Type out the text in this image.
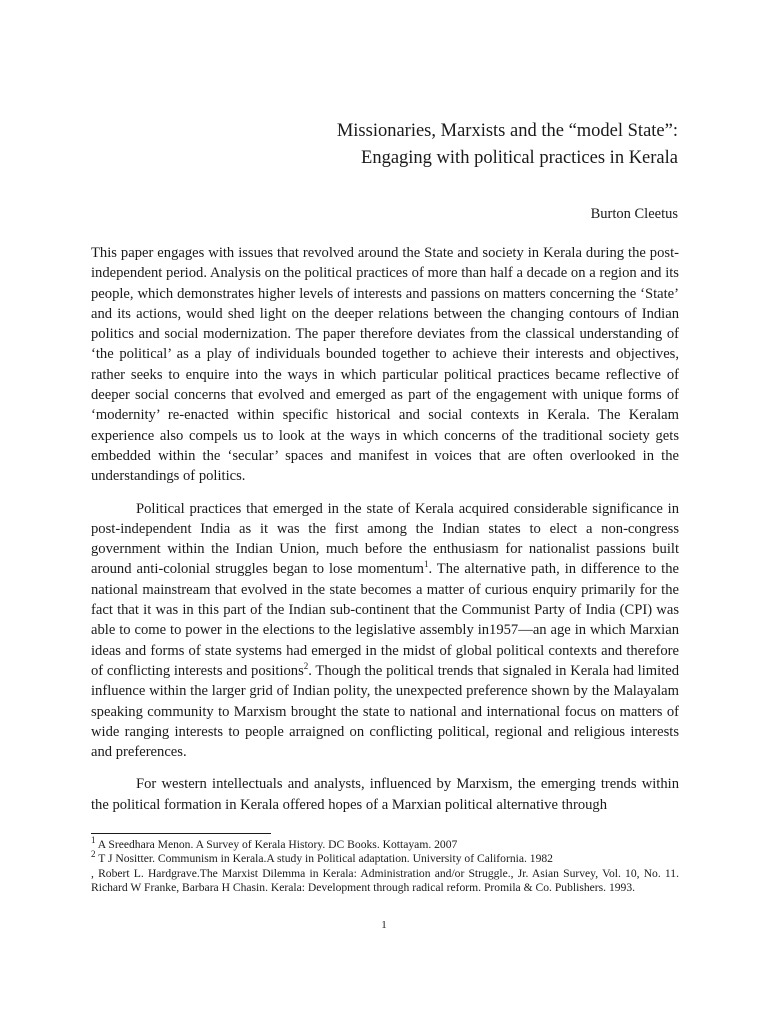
Missionaries, Marxists and the “model State”:
Engaging with political practices in Kerala
Burton Cleetus

This paper engages with issues that revolved around the State and society in Kerala during the post-independent period. Analysis on the political practices of more than half a decade on a region and its people, which demonstrates higher levels of interests and passions on matters concerning the ‘State’ and its actions, would shed light on the deeper relations between the changing contours of Indian politics and social modernization. The paper therefore deviates from the classical understanding of ‘the political’ as a play of individuals bounded together to achieve their interests and objectives, rather seeks to enquire into the ways in which particular political practices became reflective of deeper social concerns that evolved and emerged as part of the engagement with unique forms of ‘modernity’ re-enacted within specific historical and social contexts in Kerala. The Keralam experience also compels us to look at the ways in which concerns of the traditional society gets embedded within the ‘secular’ spaces and manifest in voices that are often overlooked in the understandings of politics.

Political practices that emerged in the state of Kerala acquired considerable significance in post-independent India as it was the first among the Indian states to elect a non-congress government within the Indian Union, much before the enthusiasm for nationalist passions built around anti-colonial struggles began to lose momentum$^1$. The alternative path, in difference to the national mainstream that evolved in the state becomes a matter of curious enquiry primarily for the fact that it was in this part of the Indian sub-continent that the Communist Party of India (CPI) was able to come to power in the elections to the legislative assembly in1957—an age in which Marxian ideas and forms of state systems had emerged in the midst of global political contexts and therefore of conflicting interests and positions$^2$. Though the political trends that signaled in Kerala had limited influence within the larger grid of Indian polity, the unexpected preference shown by the Malayalam speaking community to Marxism brought the state to national and international focus on matters of wide ranging interests to people arraigned on conflicting political, regional and religious interests and preferences.

For western intellectuals and analysts, influenced by Marxism, the emerging trends within the political formation in Kerala offered hopes of a Marxian political alternative through

$^1$ A Sreedhara Menon. A Survey of Kerala History. DC Books. Kottayam. 2007

$^2$ T J Nositter. Communism in Kerala.A study in Political adaptation. University of California. 1982

, Robert L. Hardgrave.The Marxist Dilemma in Kerala: Administration and/or Struggle., Jr. Asian Survey, Vol. 10, No. 11. Richard W Franke, Barbara H Chasin. Kerala: Development through radical reform. Promila & Co. Publishers. 1993.

1
